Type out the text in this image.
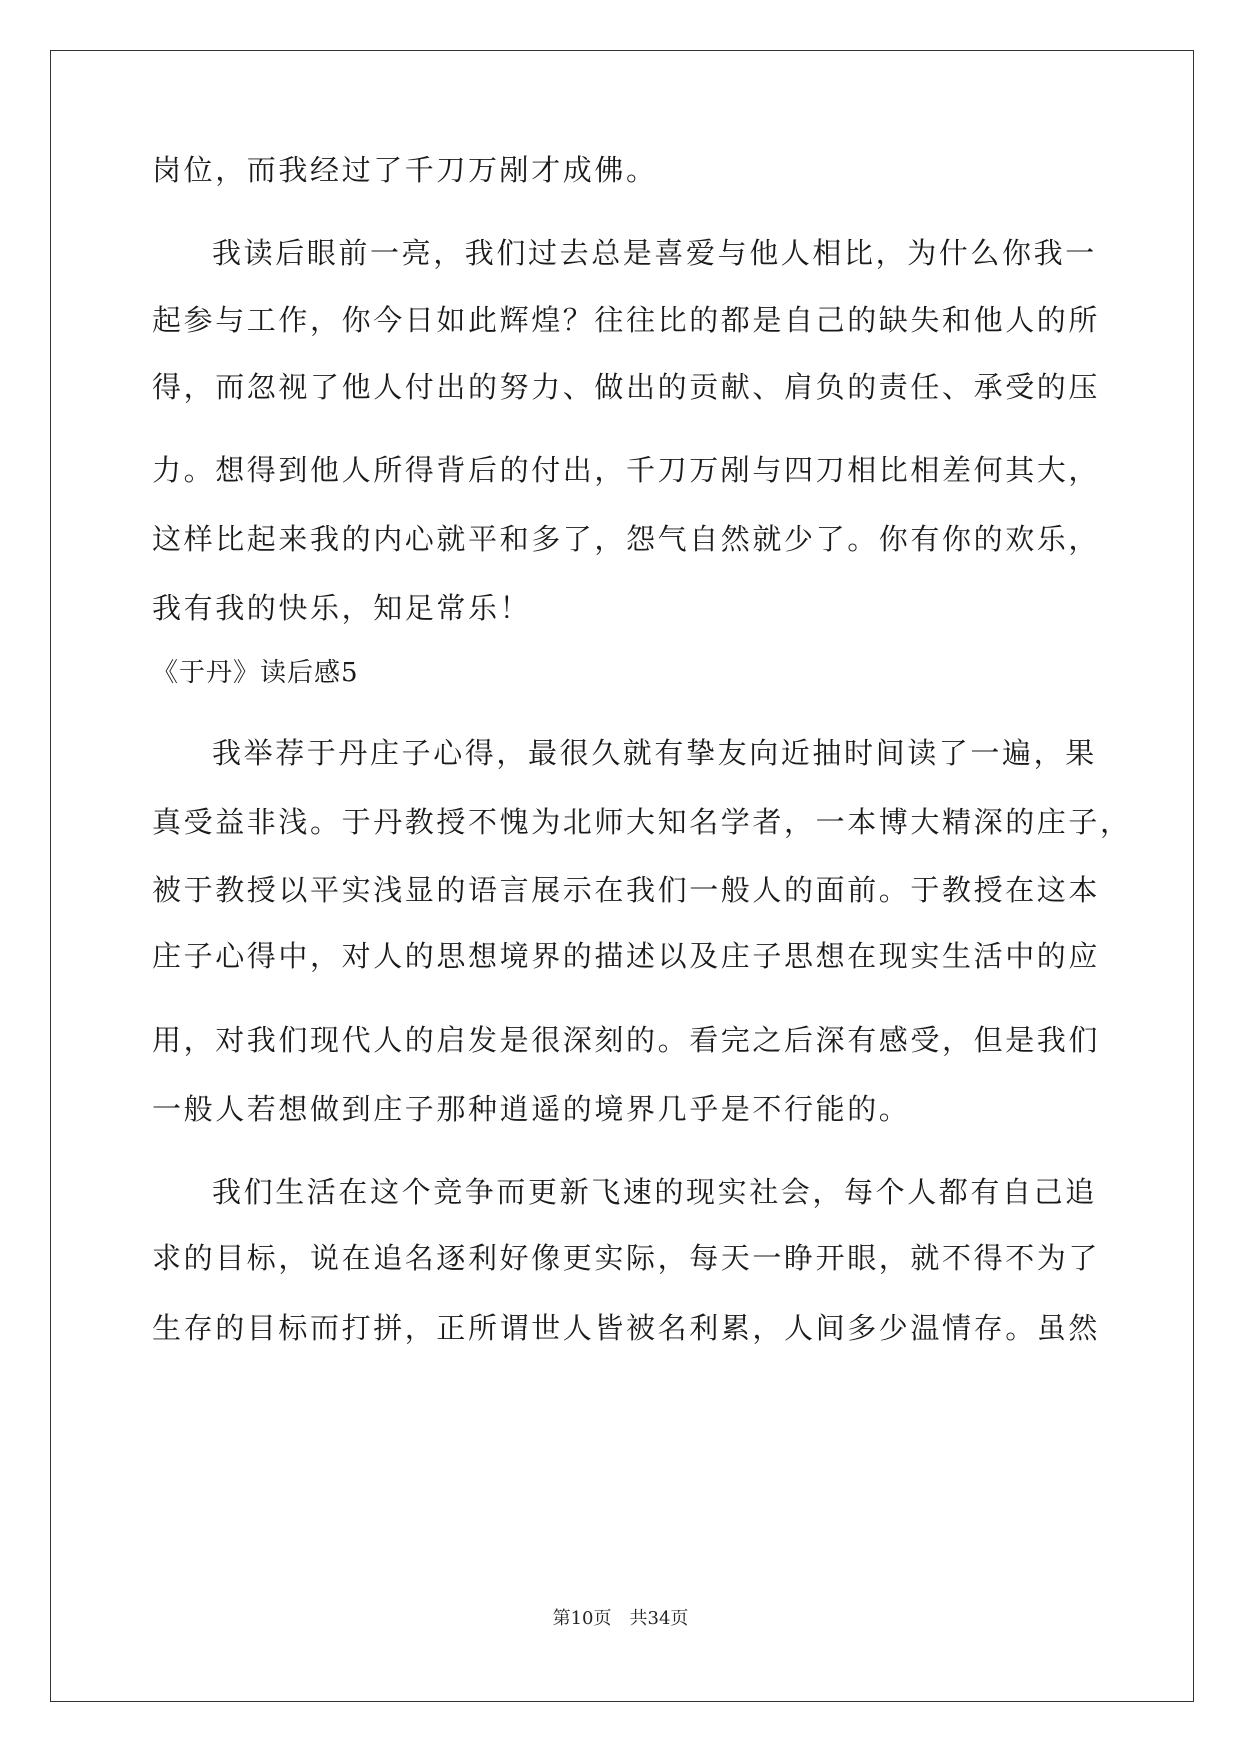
岗位，而我经过了千刀万剐才成佛。
我读后眼前一亮，我们过去总是喜爱与他人相比，为什么你我一
起参与工作，你今日如此辉煌？往往比的都是自己的缺失和他人的所
得，而忽视了他人付出的努力、做出的贡献、肩负的责任、承受的压
力。想得到他人所得背后的付出，千刀万剐与四刀相比相差何其大，
这样比起来我的内心就平和多了，怨气自然就少了。你有你的欢乐，
我有我的快乐，知足常乐！
《于丹》读后感5
我举荐于丹庄子心得，最很久就有挚友向近抽时间读了一遍，果
真受益非浅。于丹教授不愧为北师大知名学者，一本博大精深的庄子，
被于教授以平实浅显的语言展示在我们一般人的面前。于教授在这本
庄子心得中，对人的思想境界的描述以及庄子思想在现实生活中的应
用，对我们现代人的启发是很深刻的。看完之后深有感受，但是我们
一般人若想做到庄子那种逍遥的境界几乎是不行能的。
我们生活在这个竞争而更新飞速的现实社会，每个人都有自己追
求的目标，说在追名逐利好像更实际，每天一睁开眼，就不得不为了
生存的目标而打拼，正所谓世人皆被名利累，人间多少温情存。虽然
第10页 共34页
